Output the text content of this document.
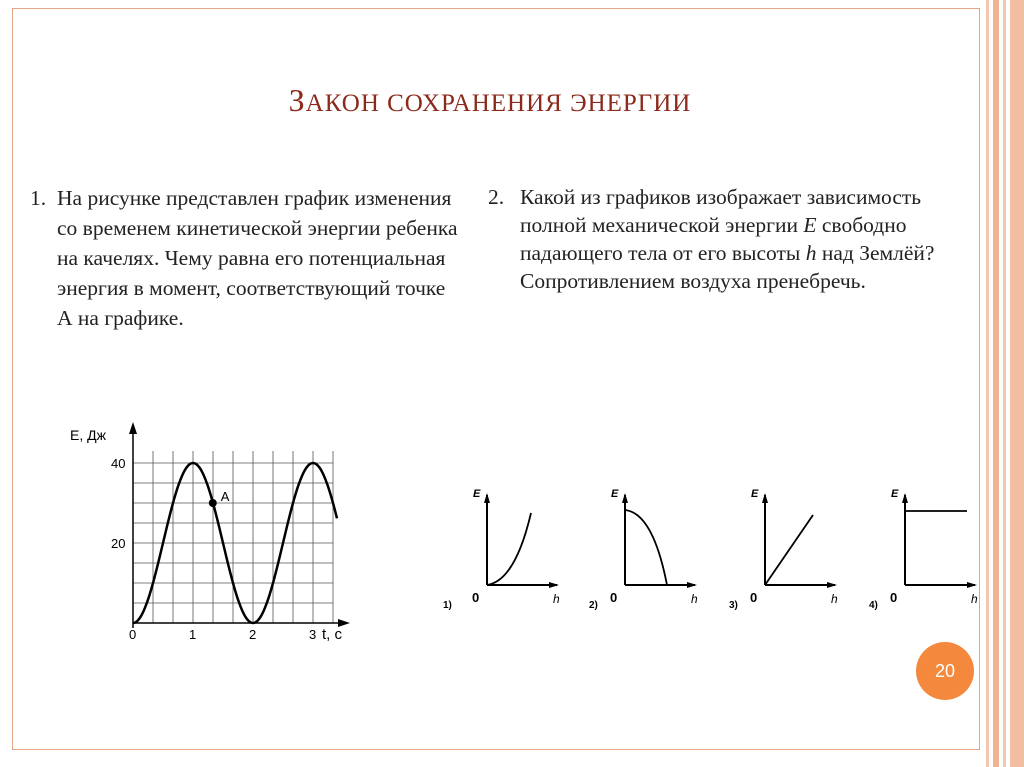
ЗАКОН СОХРАНЕНИЯ ЭНЕРГИИ
1. На рисунке представлен график изменения со временем кинетической энергии ребенка на качелях. Чему равна его потенциальная энергия в момент, соответствующий точке А на графике.
2. Какой из графиков изображает зависимость полной механической энергии E свободно падающего тела от его высоты h над Землёй? Сопротивлением воздуха пренебречь.
A
E, Дж
t, c
0	1	2	3
20
40
E
h
0
1)
E
h
0
2)
E
h
0
3)
E
h
0
4)
20
